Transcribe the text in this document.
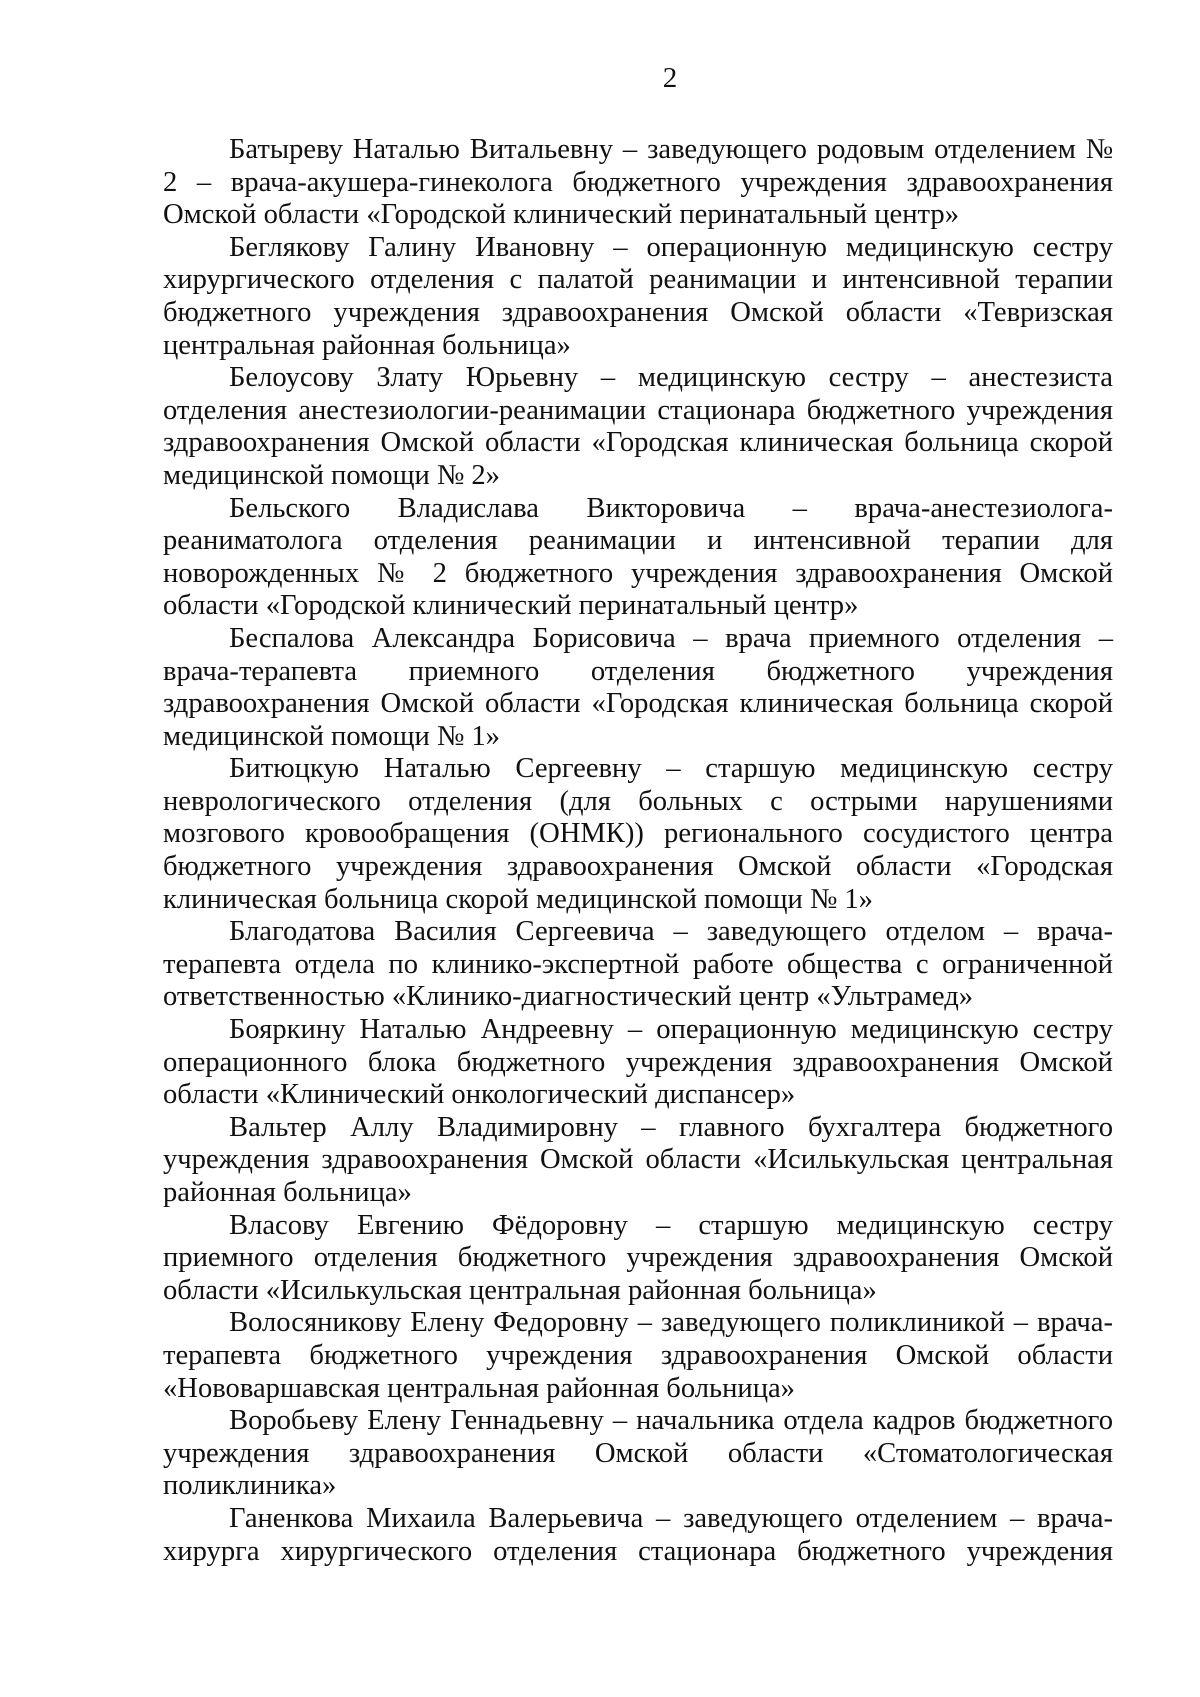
2

Батыреву Наталью Витальевну – заведующего родовым отделением № 2 – врача-акушера-гинеколога бюджетного учреждения здравоохранения Омской области «Городской клинический перинатальный центр»

Беглякову Галину Ивановну – операционную медицинскую сестру хирургического отделения с палатой реанимации и интенсивной терапии бюджетного учреждения здравоохранения Омской области «Тевризская центральная районная больница»

Белоусову Злату Юрьевну – медицинскую сестру – анестезиста отделения анестезиологии-реанимации стационара бюджетного учреждения здравоохранения Омской области «Городская клиническая больница скорой медицинской помощи № 2»

Бельского Владислава Викторовича – врача-анестезиолога-реаниматолога отделения реанимации и интенсивной терапии для новорожденных № 2 бюджетного учреждения здравоохранения Омской области «Городской клинический перинатальный центр»

Беспалова Александра Борисовича – врача приемного отделения – врача-терапевта приемного отделения бюджетного учреждения здравоохранения Омской области «Городская клиническая больница скорой медицинской помощи № 1»

Битюцкую Наталью Сергеевну – старшую медицинскую сестру неврологического отделения (для больных с острыми нарушениями мозгового кровообращения (ОНМК)) регионального сосудистого центра бюджетного учреждения здравоохранения Омской области «Городская клиническая больница скорой медицинской помощи № 1»

Благодатова Василия Сергеевича – заведующего отделом – врача-терапевта отдела по клинико-экспертной работе общества с ограниченной ответственностью «Клинико-диагностический центр «Ультрамед»

Бояркину Наталью Андреевну – операционную медицинскую сестру операционного блока бюджетного учреждения здравоохранения Омской области «Клинический онкологический диспансер»

Вальтер Аллу Владимировну – главного бухгалтера бюджетного учреждения здравоохранения Омской области «Исилькульская центральная районная больница»

Власову Евгению Фёдоровну – старшую медицинскую сестру приемного отделения бюджетного учреждения здравоохранения Омской области «Исилькульская центральная районная больница»

Волосяникову Елену Федоровну – заведующего поликлиникой – врача-терапевта бюджетного учреждения здравоохранения Омской области «Нововаршавская центральная районная больница»

Воробьеву Елену Геннадьевну – начальника отдела кадров бюджетного учреждения здравоохранения Омской области «Стоматологическая поликлиника»

Ганенкова Михаила Валерьевича – заведующего отделением – врача-хирурга хирургического отделения стационара бюджетного учреждения
